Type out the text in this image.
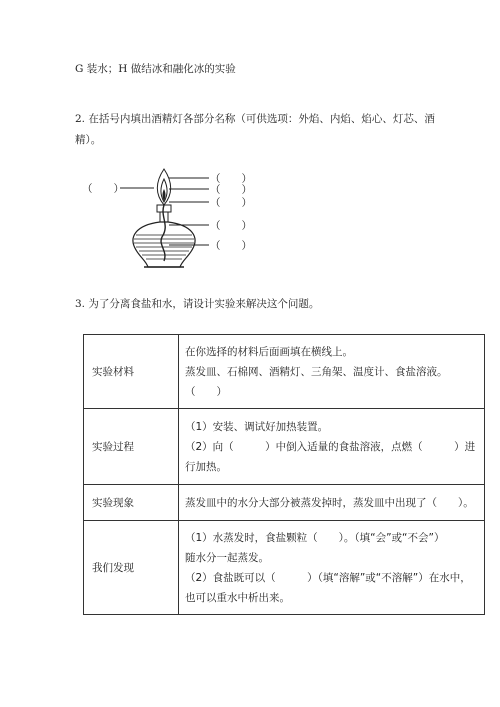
G 装水；H 做结冰和融化冰的实验
2. 在括号内填出酒精灯各部分名称（可供选项：外焰、内焰、焰心、灯芯、酒
精）。
（　　）
（　　）
（　　）
（　　）
（　　）
（　　）
3. 为了分离食盐和水，请设计实验来解决这个问题。
实验材料	在你选择的材料后面画填在横线上。
蒸发皿、石棉网、酒精灯、三角架、温度计、食盐溶液。
（　　）

实验过程	（1）安装、调试好加热装置。
（2）向（　　　）中倒入适量的食盐溶液，点燃（　　　）进
行加热。

实验现象	蒸发皿中的水分大部分被蒸发掉时，蒸发皿中出现了（　　）。

我们发现	（1）水蒸发时，食盐颗粒（　　）。（填“会”或“不会”）
随水分一起蒸发。
（2）食盐既可以（　　　）（填“溶解”或“不溶解”）在水中，
也可以重水中析出来。
